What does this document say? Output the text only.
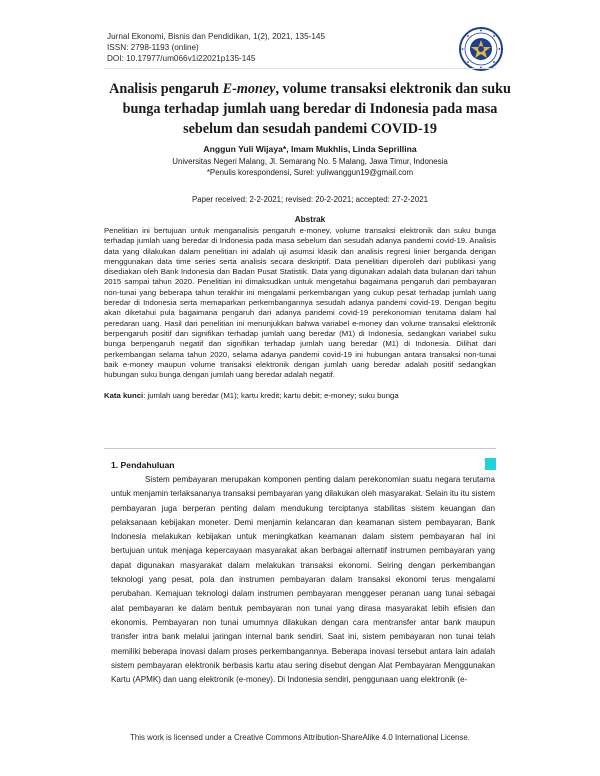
Jurnal Ekonomi, Bisnis dan Pendidikan, 1(2), 2021, 135-145
ISSN: 2798-1193 (online)
DOI: 10.17977/um066v1i22021p135-145
Analisis pengaruh E-money, volume transaksi elektronik dan suku bunga terhadap jumlah uang beredar di Indonesia pada masa sebelum dan sesudah pandemi COVID-19
Anggun Yuli Wijaya*, Imam Mukhlis, Linda Seprillina
Universitas Negeri Malang, Jl. Semarang No. 5 Malang, Jawa Timur, Indonesia
*Penulis korespondensi, Surel: yuliwanggun19@gmail.com
Paper received: 2-2-2021; revised: 20-2-2021; accepted: 27-2-2021
Abstrak
Penelitian ini bertujuan untuk menganalisis pengaruh e-money, volume transaksi elektronik dan suku bunga terhadap jumlah uang beredar di Indonesia pada masa sebelum dan sesudah adanya pandemi covid-19. Analisis data yang dilakukan dalam penelitian ini adalah uji asumsi klasik dan analisis regresi linier berganda dengan menggunakan data time series serta analisis secara deskriptif. Data penelitian diperoleh dari publikasi yang disediakan oleh Bank Indonesia dan Badan Pusat Statistik. Data yang digunakan adalah data bulanan dari tahun 2015 sampai tahun 2020. Penelitian ini dimaksudkan untuk mengetahui bagaimana pengaruh dari pembayaran non-tunai yang beberapa tahun terakhir ini mengalami perkembangan yang cukup pesat terhadap jumlah uang beredar di Indonesia serta memaparkan perkembangannya sesudah adanya pandemi covid-19. Dengan begitu akan diketahui pula bagaimana pengaruh dari adanya pandemi covid-19 perekonomian terutama dalam hal peredaran uang. Hasil dari penelitian ini menunjukkan bahwa variabel e-money dan volume transaksi elektronik berpengaruh positif dan signifikan terhadap jumlah uang beredar (M1) di Indonesia, sedangkan variabel suku bunga berpengaruh negatif dan signifikan terhadap jumlah uang beredar (M1) di Indonesia. Dilihat dari perkembangan selama tahun 2020, selama adanya pandemi covid-19 ini hubungan antara transaksi non-tunai baik e-money maupun volume transaksi elektronik dengan jumlah uang beredar adalah positif sedangkan hubungan suku bunga dengan jumlah uang beredar adalah negatif.
Kata kunci: jumlah uang beredar (M1); kartu kredit; kartu debit; e-money; suku bunga
1. Pendahuluan

Sistem pembayaran merupakan komponen penting dalam perekonomian suatu negara terutama untuk menjamin terlaksananya transaksi pembayaran yang dilakukan oleh masyarakat. Selain itu itu sistem pembayaran juga berperan penting dalam mendukung terciptanya stabilitas sistem keuangan dan pelaksanaan kebijakan moneter. Demi menjamin kelancaran dan keamanan sistem pembayaran, Bank Indonesia melakukan kebijakan untuk meningkatkan keamanan dalam sistem pembayaran hal ini bertujuan untuk menjaga kepercayaan masyarakat akan berbagai alternatif instrumen pembayaran yang dapat digunakan masyarakat dalam melakukan transaksi ekonomi. Seiring dengan perkembangan teknologi yang pesat, pola dan instrumen pembayaran dalam transaksi ekonomi terus mengalami perubahan. Kemajuan teknologi dalam instrumen pembayaran menggeser peranan uang tunai sebagai alat pembayaran ke dalam bentuk pembayaran non tunai yang dirasa masyarakat lebih efisien dan ekonomis. Pembayaran non tunai umumnya dilakukan dengan cara mentransfer antar bank maupun transfer intra bank melalui jaringan internal bank sendiri. Saat ini, sistem pembayaran non tunai telah memiliki beberapa inovasi dalam proses perkembangannya. Beberapa inovasi tersebut antara lain adalah sistem pembayaran elektronik berbasis kartu atau sering disebut dengan Alat Pembayaran Menggunakan Kartu (APMK) dan uang elektronik (e-money). Di Indonesia sendiri, penggunaan uang elektronik (e-

This work is licensed under a Creative Commons Attribution-ShareAlike 4.0 International License.
